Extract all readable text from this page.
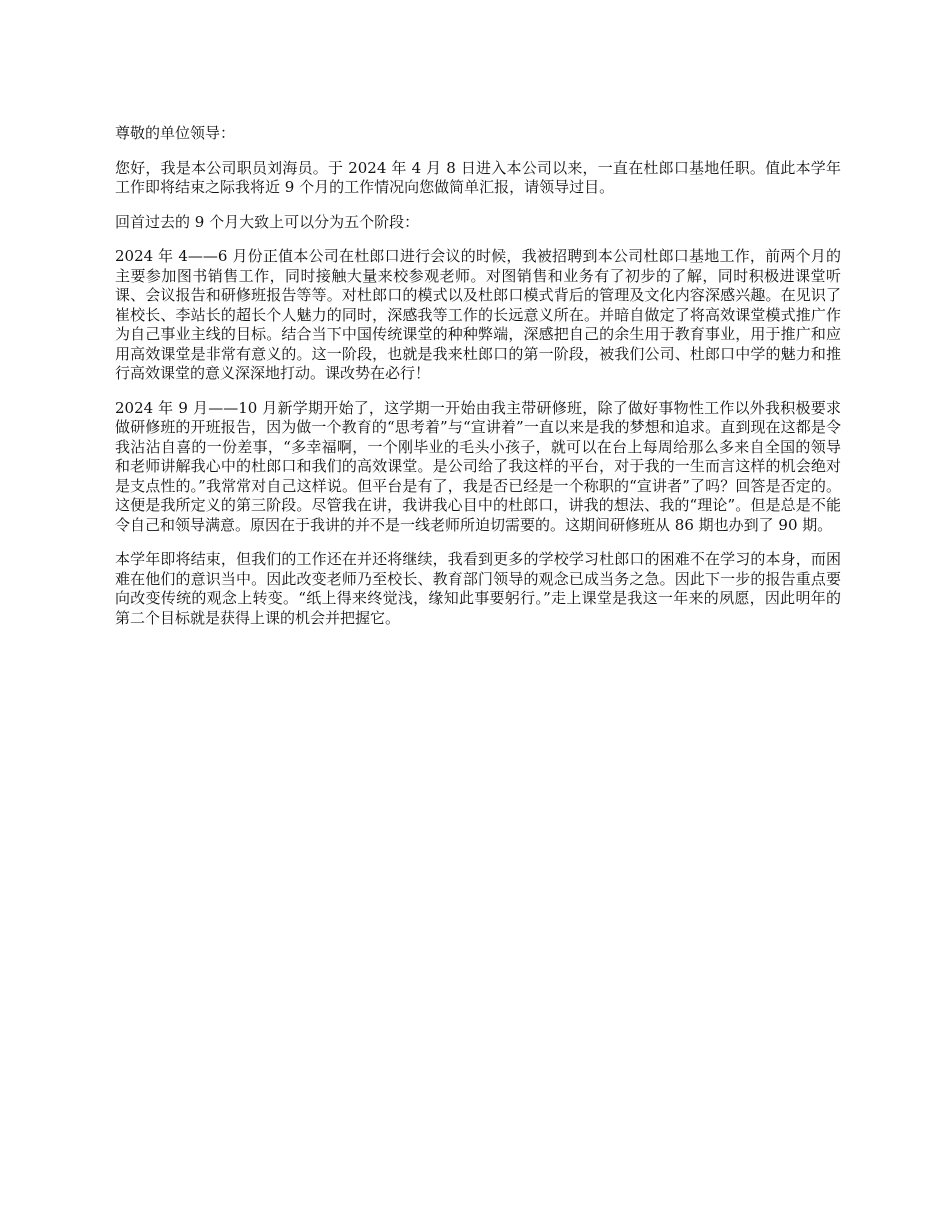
尊敬的单位领导：

您好，我是本公司职员刘海员。于 2024 年 4 月 8 日进入本公司以来，一直在杜郎口基地任职。值此本学年工作即将结束之际我将近 9 个月的工作情况向您做简单汇报，请领导过目。

回首过去的 9 个月大致上可以分为五个阶段：

2024 年 4——6 月份正值本公司在杜郎口进行会议的时候，我被招聘到本公司杜郎口基地工作，前两个月的主要参加图书销售工作，同时接触大量来校参观老师。对图销售和业务有了初步的了解，同时积极进课堂听课、会议报告和研修班报告等等。对杜郎口的模式以及杜郎口模式背后的管理及文化内容深感兴趣。在见识了崔校长、李站长的超长个人魅力的同时，深感我等工作的长远意义所在。并暗自做定了将高效课堂模式推广作为自己事业主线的目标。结合当下中国传统课堂的种种弊端，深感把自己的余生用于教育事业，用于推广和应用高效课堂是非常有意义的。这一阶段，也就是我来杜郎口的第一阶段，被我们公司、杜郎口中学的魅力和推行高效课堂的意义深深地打动。课改势在必行！

2024 年 9 月——10 月新学期开始了，这学期一开始由我主带研修班，除了做好事物性工作以外我积极要求做研修班的开班报告，因为做一个教育的“思考着”与“宣讲着”一直以来是我的梦想和追求。直到现在这都是令我沾沾自喜的一份差事，“多幸福啊，一个刚毕业的毛头小孩子，就可以在台上每周给那么多来自全国的领导和老师讲解我心中的杜郎口和我们的高效课堂。是公司给了我这样的平台，对于我的一生而言这样的机会绝对是支点性的。”我常常对自己这样说。但平台是有了，我是否已经是一个称职的“宣讲者”了吗？回答是否定的。这便是我所定义的第三阶段。尽管我在讲，我讲我心目中的杜郎口，讲我的想法、我的“理论”。但是总是不能令自己和领导满意。原因在于我讲的并不是一线老师所迫切需要的。这期间研修班从 86 期也办到了 90 期。

本学年即将结束，但我们的工作还在并还将继续，我看到更多的学校学习杜郎口的困难不在学习的本身，而困难在他们的意识当中。因此改变老师乃至校长、教育部门领导的观念已成当务之急。因此下一步的报告重点要向改变传统的观念上转变。“纸上得来终觉浅，缘知此事要躬行。”走上课堂是我这一年来的夙愿，因此明年的第二个目标就是获得上课的机会并把握它。
